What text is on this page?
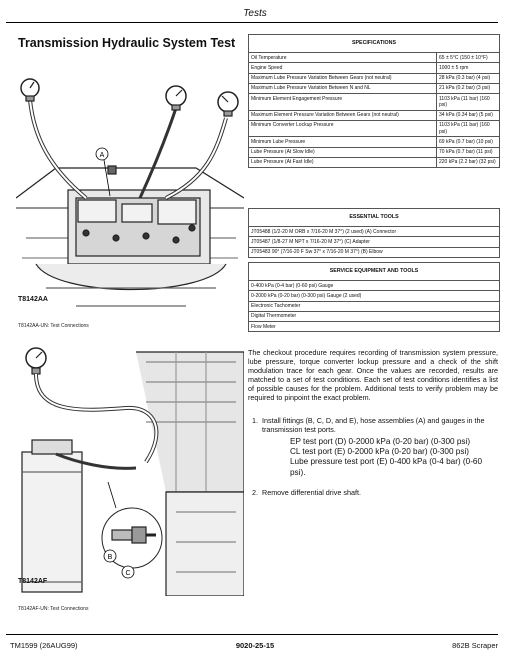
Tests
Transmission Hydraulic System Test
A
T8142AA
T8142AA-UN: Test Connections
B
C
T8142AF
T8142AF-UN: Test Connections
SPECIFICATIONS	
Oil Temperature	65 ± 5°C (150 ± 10°F)
Engine Speed	1000 ± 5 rpm
Maximum Lube Pressure Variation Between Gears (not neutral)	28 kPa (0.3 bar) (4 psi)
Maximum Lube Pressure Variation Between N and NL	21 kPa (0.2 bar) (3 psi)
Minimum Element Engagement Pressure	1103 kPa (11 bar) (160 psi)
Maximum Element Pressure Variation Between Gears (not neutral)	34 kPa (0.34 bar) (5 psi)
Minimum Converter Lockup Pressure	1103 kPa (11 bar) (160 psi)
Minimum Lube Pressure	69 kPa (0.7 bar) (10 psi)
Lube Pressure (At Slow Idle)	70 kPa (0.7 bar) (11 psi)
Lube Pressure (At Fast Idle)	220 kPa (2.2 bar) (32 psi)
ESSENTIAL TOOLS
JT05488 (1/2-20 M ORB x 7/16-20 M 37°) (2 used) (A) Connector
JT05487 (1/8-27 M NPT x 7/16-20 M 37°) (C) Adapter
JT05483 90° (7/16-20 F Sw 37° x 7/16-20 M 37°) (B) Elbow
SERVICE EQUIPMENT AND TOOLS
0-400 kPa (0-4 bar) (0-60 psi) Gauge
0-2000 kPa (0-20 bar) (0-300 psi) Gauge (2 used)
Electronic Tachometer
Digital Thermometer
Flow Meter
The checkout procedure requires recording of transmission system pressure, lube pressure, torque converter lockup pressure and a check of the shift modulation trace for each gear. Once the values are recorded, results are matched to a set of test conditions. Each set of test conditions identifies a list of possible causes for the problem. Additional tests to verify problem may be required to pinpoint the exact problem.
1. Install fittings (B, C, D, and E), hose assemblies (A) and gauges in the transmission test ports.
EP test port (D) 0-2000 kPa (0-20 bar) (0-300 psi)
CL test port (E) 0-2000 kPa (0-20 bar) (0-300 psi)
Lube pressure test port (E) 0-400 kPa (0-4 bar) (0-60 psi).
2. Remove differential drive shaft.
TM1599 (26AUG99)	9020-25-15	862B Scraper
